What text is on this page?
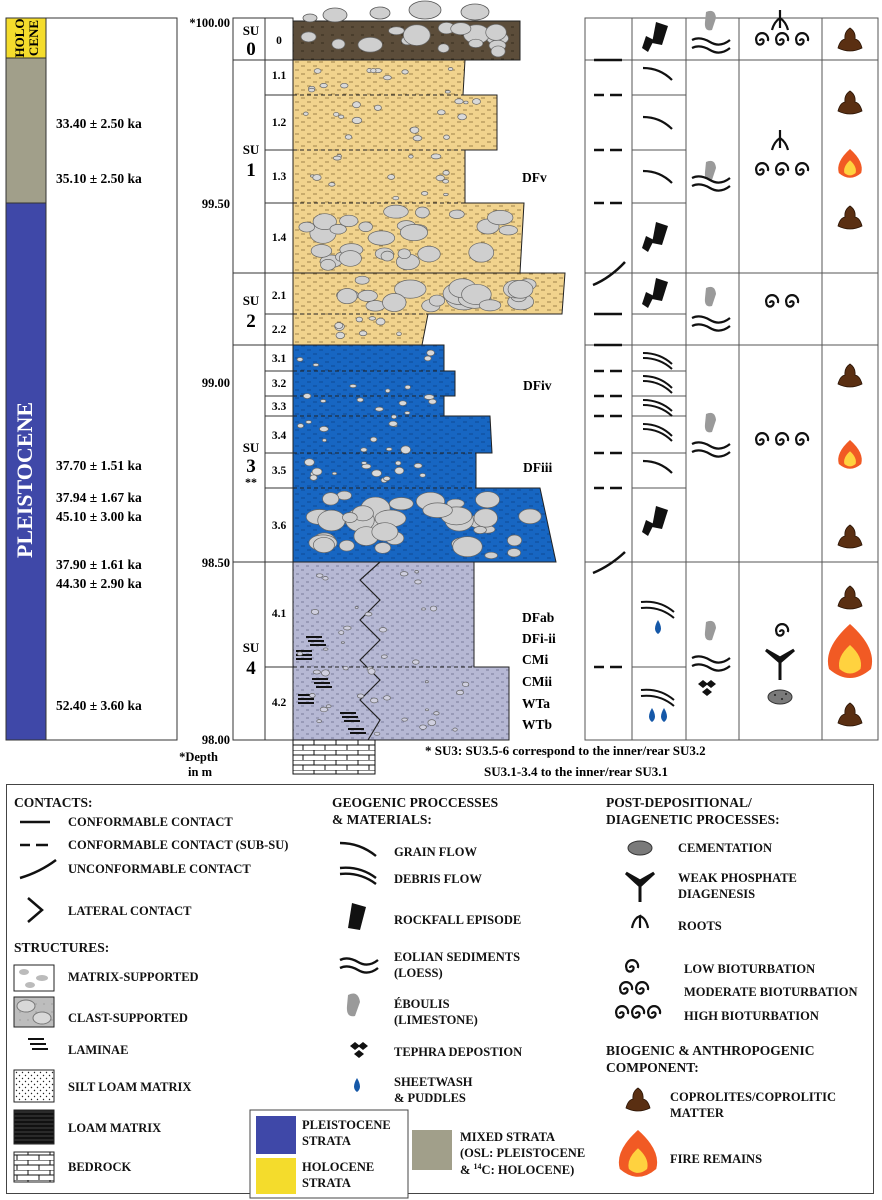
HOLO CENE
PLEISTOCENE
33.40 ± 2.50 ka
35.10 ± 2.50 ka
37.70 ± 1.51 ka
37.94 ± 1.67 ka
45.10 ± 3.00 ka
37.90 ± 1.61 ka
44.30 ± 2.90 ka
52.40 ± 3.60 ka
*100.00
99.50
99.00
98.50
98.00
*Depth
in m
SU
0
SU
1
SU
2
SU
3
**
SU
4
0
1.1
1.2
1.3
1.4
2.1
2.2
3.1
3.2
3.3
3.4
3.5
3.6
4.1
4.2
DFv
DFiv
DFiii
DFab
DFi-ii
CMi
CMii
WTa
WTb
* SU3: SU3.5-6 correspond to the inner/rear SU3.2
SU3.1-3.4 to the inner/rear SU3.1
CONTACTS:
CONFORMABLE CONTACT
CONFORMABLE CONTACT (SUB-SU)
UNCONFORMABLE CONTACT
LATERAL CONTACT
STRUCTURES:
MATRIX-SUPPORTED
CLAST-SUPPORTED
LAMINAE
SILT LOAM MATRIX
LOAM MATRIX
BEDROCK
GEOGENIC PROCCESSES
& MATERIALS:
GRAIN FLOW
DEBRIS FLOW
ROCKFALL EPISODE
EOLIAN SEDIMENTS
(LOESS)
ÉBOULIS
(LIMESTONE)
TEPHRA DEPOSTION
SHEETWASH
& PUDDLES
POST-DEPOSITIONAL/
DIAGENETIC PROCESSES:
CEMENTATION
WEAK PHOSPHATE
DIAGENESIS
ROOTS
LOW BIOTURBATION
MODERATE BIOTURBATION
HIGH BIOTURBATION
BIOGENIC & ANTHROPOGENIC
COMPONENT:
COPROLITES/COPROLITIC
MATTER
FIRE REMAINS
PLEISTOCENE
STRATA
HOLOCENE
STRATA
MIXED STRATA
(OSL: PLEISTOCENE
& $^{14}$C: HOLOCENE)
